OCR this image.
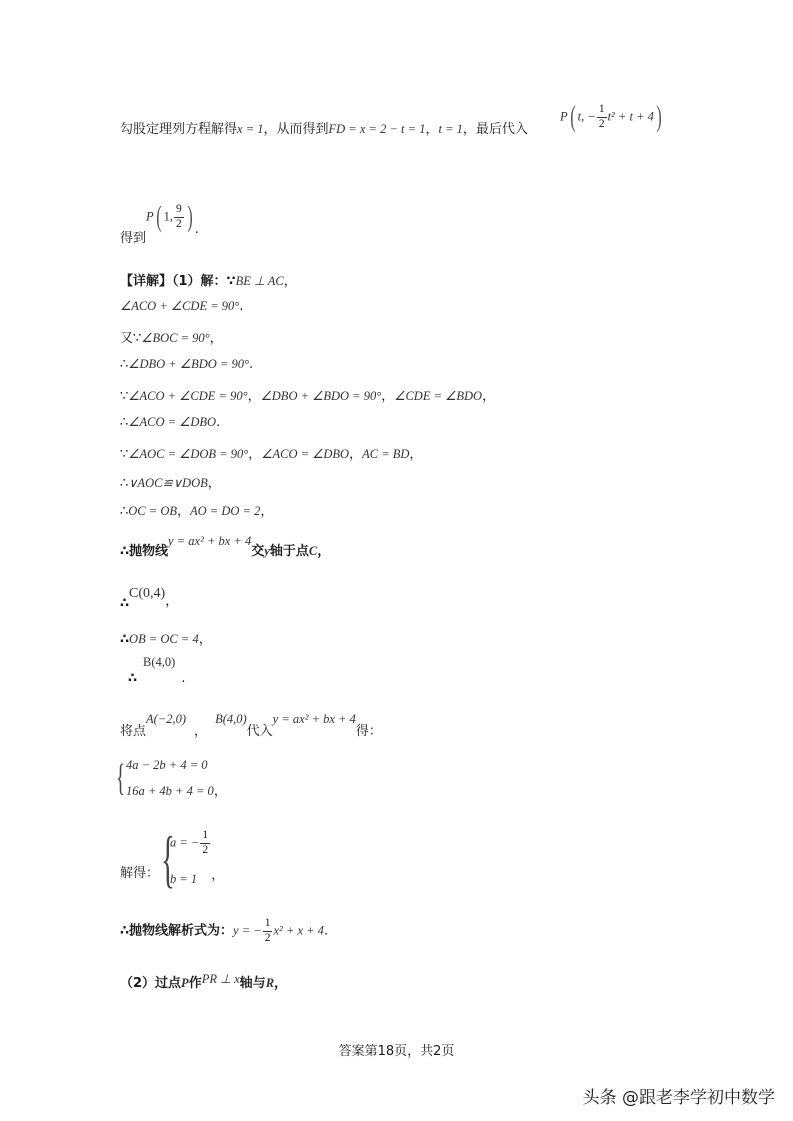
勾股定理列方程解得x = 1，从而得到FD = x = 2 − t = 1，t = 1，最后代入
P( t, − $\frac{1}{2} t^2 + t + 4$)
得到P( 1, $\frac{9}{2}$ ) .
【详解】（1）解：∵BE ⊥ AC，
∠ACO + ∠CDE = 90°.
又∵∠BOC = 90°，
∴∠DBO + ∠BDO = 90°.
∵∠ACO + ∠CDE = 90°，∠DBO + ∠BDO = 90°，∠CDE = ∠BDO，
∴∠ACO = ∠DBO.
∵∠AOC = ∠DOB = 90°，∠ACO = ∠DBO，AC = BD，
∴∨AOC≌∨DOB，
∴OC = OB，AO = DO = 2，
∴抛物线y = ax² + bx + 4交y轴于点C，
∴C(0,4)，
∴OB = OC = 4，
∴B(4,0).
将点A(−2,0)，B(4,0)代入y = ax² + bx + 4得：
{ 4a − 2b + 4 = 0
16a + 4b + 4 = 0，
解得： {
a = − $\frac{1}{2}$
b = 1 ，
∴抛物线解析式为：y = − $\frac{1}{2} x^2 + x + 4$.
（2）过点P作PR ⊥ x轴与R，
答案第18页，共2页
头条 @跟老李学初中数学
